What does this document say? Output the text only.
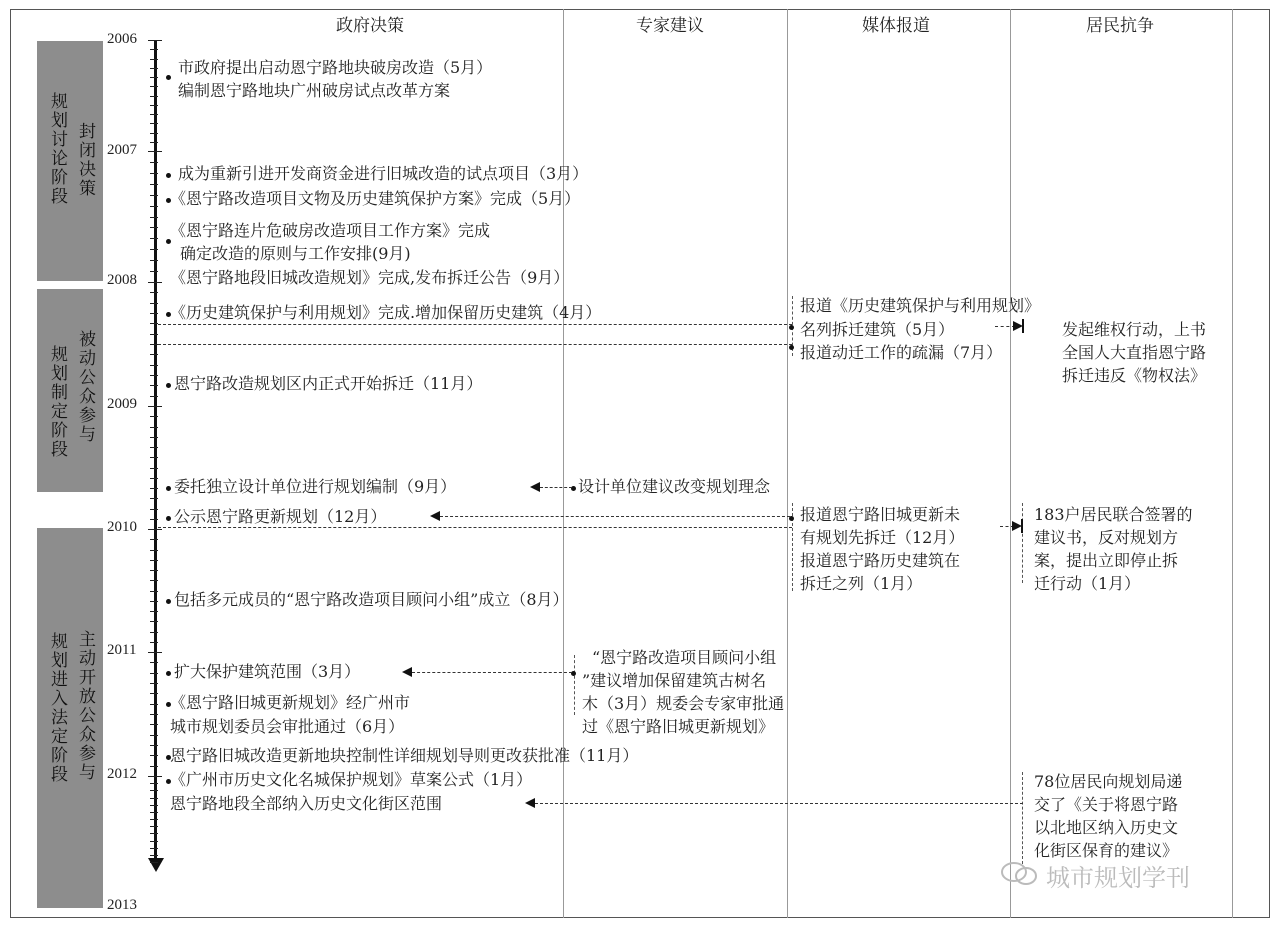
政府决策	专家建议	媒体报道	居民抗争
规划讨论阶段 封闭决策
规划制定阶段 被动公众参与
规划进入法定阶段 主动开放公众参与
2006
2007
2008
2009
2010
2011
2012
2013
市政府提出启动恩宁路地块破房改造（5月）
编制恩宁路地块广州破房试点改革方案
成为重新引进开发商资金进行旧城改造的试点项目（3月）
《恩宁路改造项目文物及历史建筑保护方案》完成（5月）
《恩宁路连片危破房改造项目工作方案》完成
确定改造的原则与工作安排(9月)
《恩宁路地段旧城改造规划》完成,发布拆迁公告（9月）
《历史建筑保护与利用规划》完成.增加保留历史建筑（4月）
恩宁路改造规划区内正式开始拆迁（11月）
委托独立设计单位进行规划编制（9月）
公示恩宁路更新规划（12月）
包括多元成员的“恩宁路改造项目顾问小组”成立（8月）
扩大保护建筑范围（3月）
《恩宁路旧城更新规划》经广州市
城市规划委员会审批通过（6月）
恩宁路旧城改造更新地块控制性详细规划导则更改获批准（11月）
《广州市历史文化名城保护规划》草案公式（1月）
恩宁路地段全部纳入历史文化街区范围
设计单位建议改变规划理念
“恩宁路改造项目顾问小组
”建议增加保留建筑古树名
木（3月）规委会专家审批通
过《恩宁路旧城更新规划》
报道《历史建筑保护与利用规划》
名列拆迁建筑（5月）
报道动迁工作的疏漏（7月）
报道恩宁路旧城更新未
有规划先拆迁（12月）
报道恩宁路历史建筑在
拆迁之列（1月）
发起维权行动，上书
全国人大直指恩宁路
拆迁违反《物权法》
183户居民联合签署的
建议书，反对规划方
案，提出立即停止拆
迁行动（1月）
78位居民向规划局递
交了《关于将恩宁路
以北地区纳入历史文
化街区保育的建议》
城市规划学刊
